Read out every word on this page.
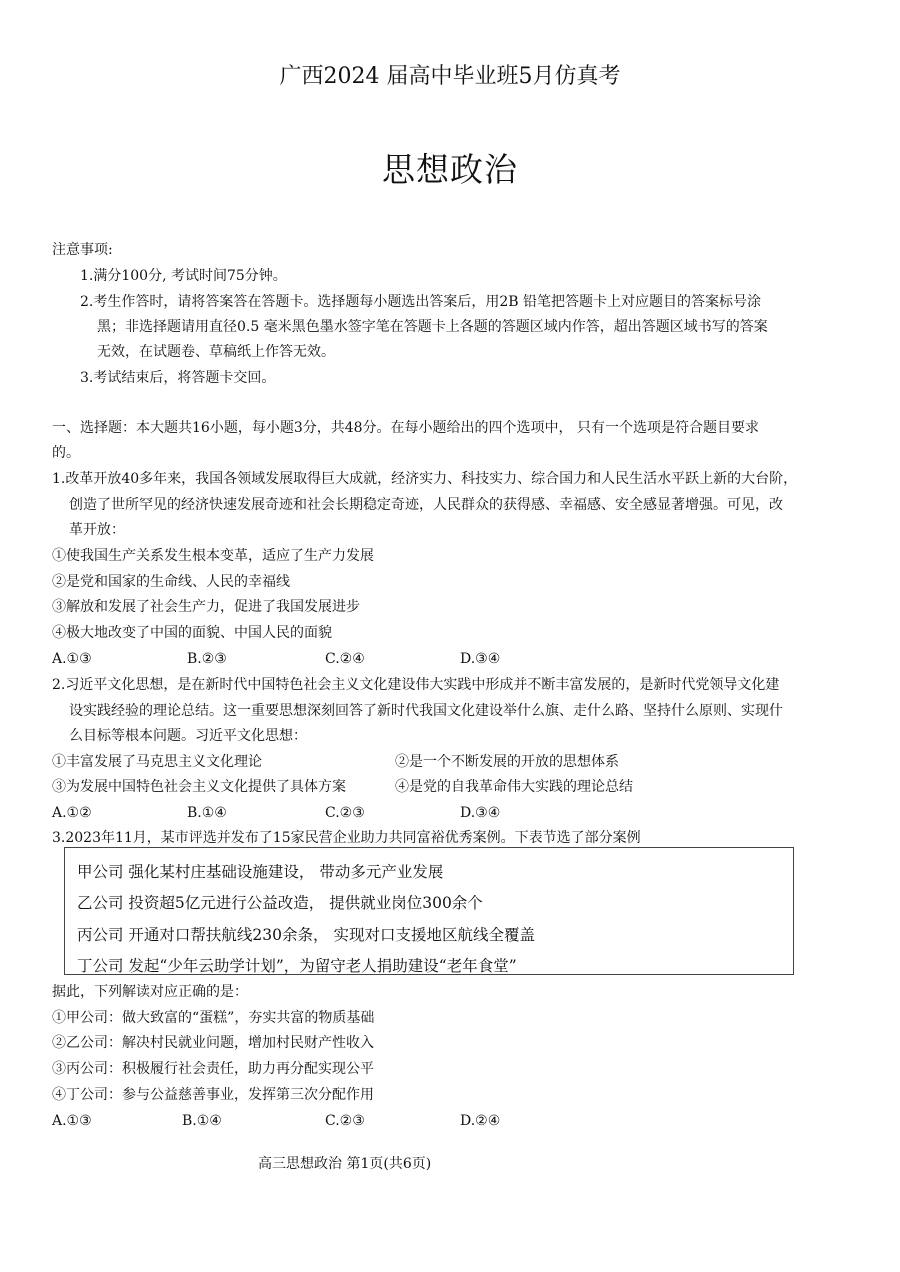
广西2024 届高中毕业班5月仿真考
思想政治
注意事项:
1.满分100分, 考试时间75分钟。
2.考生作答时，请将答案答在答题卡。选择题每小题选出答案后，用2B 铅笔把答题卡上对应题目的答案标号涂
黑；非选择题请用直径0.5 毫米黑色墨水签字笔在答题卡上各题的答题区域内作答，超出答题区域书写的答案
无效，在试题卷、草稿纸上作答无效。
3.考试结束后，将答题卡交回。
一、选择题：本大题共16小题，每小题3分，共48分。在每小题给出的四个选项中， 只有一个选项是符合题目要求
的。
1.改革开放40多年来，我国各领域发展取得巨大成就，经济实力、科技实力、综合国力和人民生活水平跃上新的大台阶，
创造了世所罕见的经济快速发展奇迹和社会长期稳定奇迹，人民群众的获得感、幸福感、安全感显著增强。可见，改
革开放：
①使我国生产关系发生根本变革，适应了生产力发展
②是党和国家的生命线、人民的幸福线
③解放和发展了社会生产力，促进了我国发展进步
④极大地改变了中国的面貌、中国人民的面貌
A.①③	B.②③	C.②④	D.③④
2.习近平文化思想，是在新时代中国特色社会主义文化建设伟大实践中形成并不断丰富发展的，是新时代党领导文化建
设实践经验的理论总结。这一重要思想深刻回答了新时代我国文化建设举什么旗、走什么路、坚持什么原则、实现什
么目标等根本问题。习近平文化思想：
①丰富发展了马克思主义文化理论	②是一个不断发展的开放的思想体系
③为发展中国特色社会主义文化提供了具体方案	④是党的自我革命伟大实践的理论总结
A.①②	B.①④	C.②③	D.③④
3.2023年11月，某市评选并发布了15家民营企业助力共同富裕优秀案例。下表节选了部分案例
甲公司 强化某村庄基础设施建设， 带动多元产业发展
乙公司 投资超5亿元进行公益改造， 提供就业岗位300余个
丙公司 开通对口帮扶航线230余条， 实现对口支援地区航线全覆盖
丁公司 发起“少年云助学计划”，为留守老人捐助建设“老年食堂”
据此，下列解读对应正确的是：
①甲公司：做大致富的“蛋糕”，夯实共富的物质基础
②乙公司：解决村民就业问题，增加村民财产性收入
③丙公司：积极履行社会责任，助力再分配实现公平
④丁公司：参与公益慈善事业，发挥第三次分配作用
A.①③	B.①④	C.②③	D.②④
高三思想政治 第1页(共6页)
